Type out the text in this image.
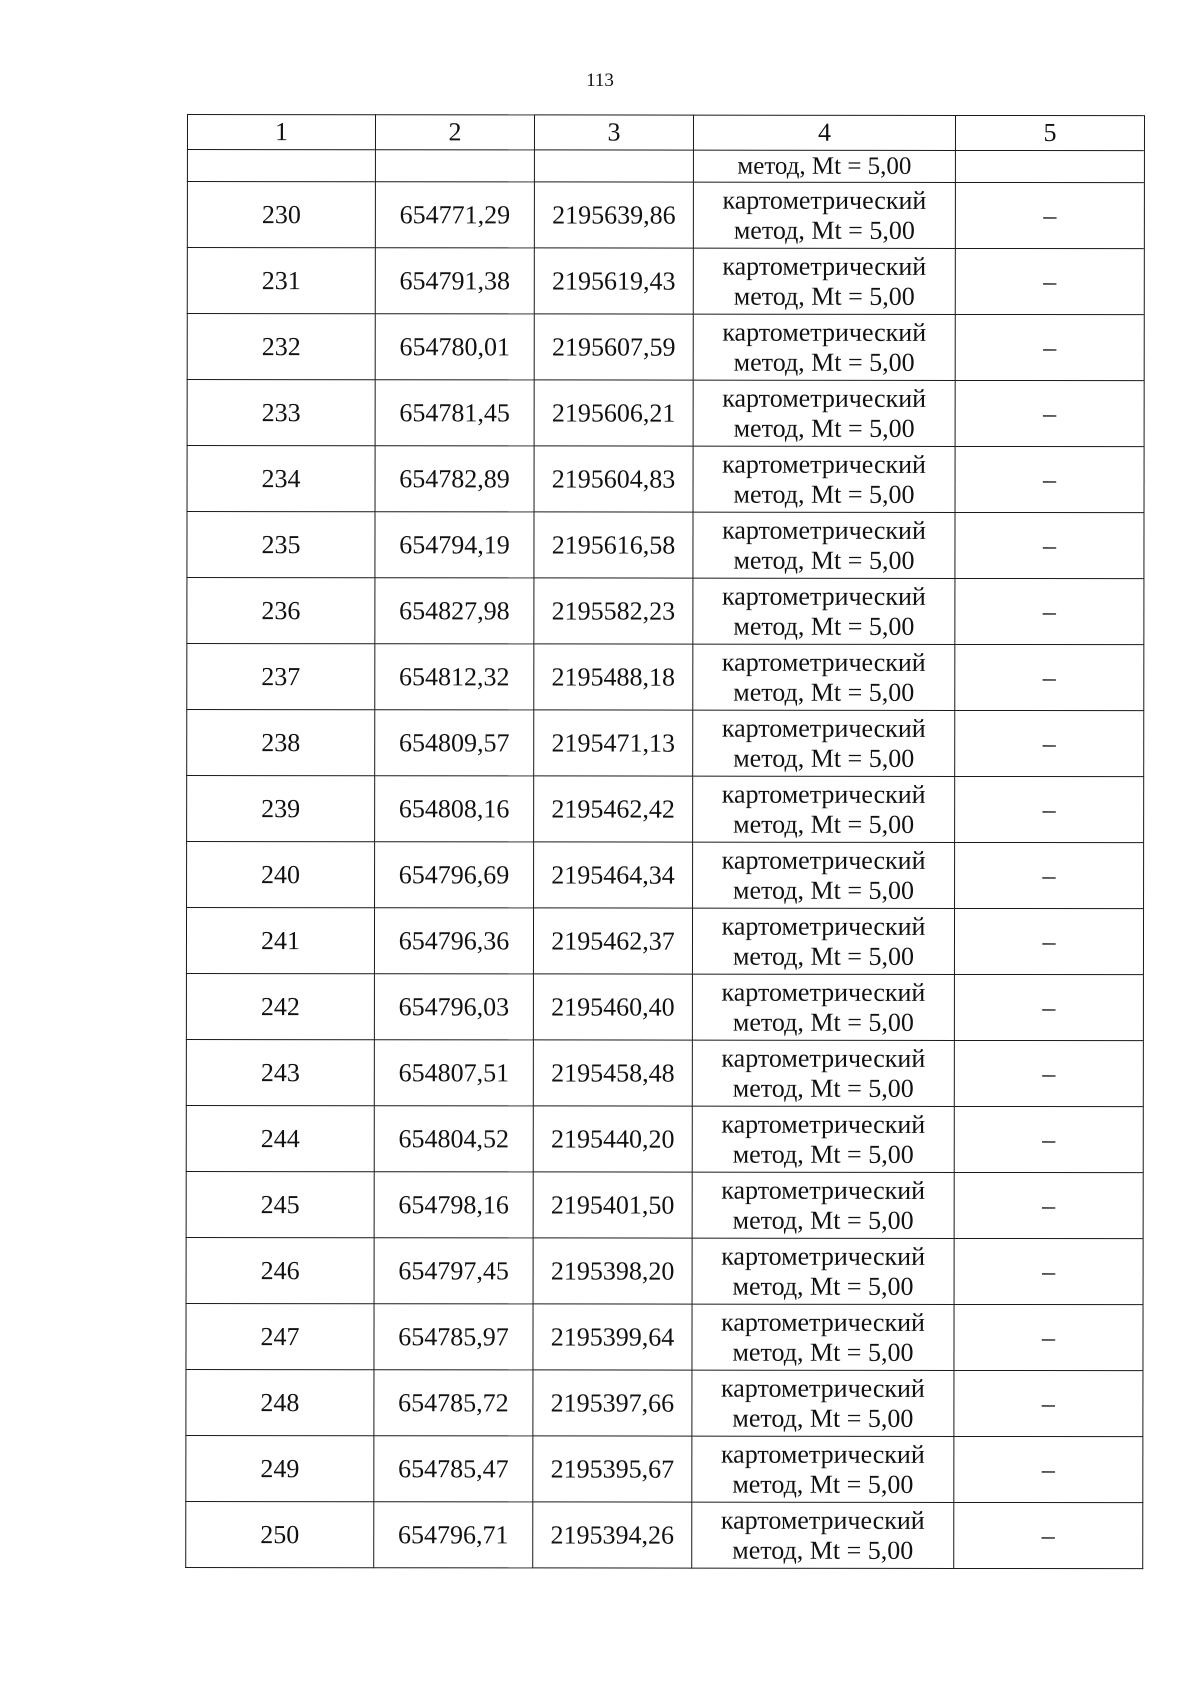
113
1	2	3	4	5
			метод, Mt = 5,00	
230	654771,29	2195639,86	картометрический
метод, Mt = 5,00	–
231	654791,38	2195619,43	картометрический
метод, Mt = 5,00	–
232	654780,01	2195607,59	картометрический
метод, Mt = 5,00	–
233	654781,45	2195606,21	картометрический
метод, Mt = 5,00	–
234	654782,89	2195604,83	картометрический
метод, Mt = 5,00	–
235	654794,19	2195616,58	картометрический
метод, Mt = 5,00	–
236	654827,98	2195582,23	картометрический
метод, Mt = 5,00	–
237	654812,32	2195488,18	картометрический
метод, Mt = 5,00	–
238	654809,57	2195471,13	картометрический
метод, Mt = 5,00	–
239	654808,16	2195462,42	картометрический
метод, Mt = 5,00	–
240	654796,69	2195464,34	картометрический
метод, Mt = 5,00	–
241	654796,36	2195462,37	картометрический
метод, Mt = 5,00	–
242	654796,03	2195460,40	картометрический
метод, Mt = 5,00	–
243	654807,51	2195458,48	картометрический
метод, Mt = 5,00	–
244	654804,52	2195440,20	картометрический
метод, Mt = 5,00	–
245	654798,16	2195401,50	картометрический
метод, Mt = 5,00	–
246	654797,45	2195398,20	картометрический
метод, Mt = 5,00	–
247	654785,97	2195399,64	картометрический
метод, Mt = 5,00	–
248	654785,72	2195397,66	картометрический
метод, Mt = 5,00	–
249	654785,47	2195395,67	картометрический
метод, Mt = 5,00	–
250	654796,71	2195394,26	картометрический
метод, Mt = 5,00	–
